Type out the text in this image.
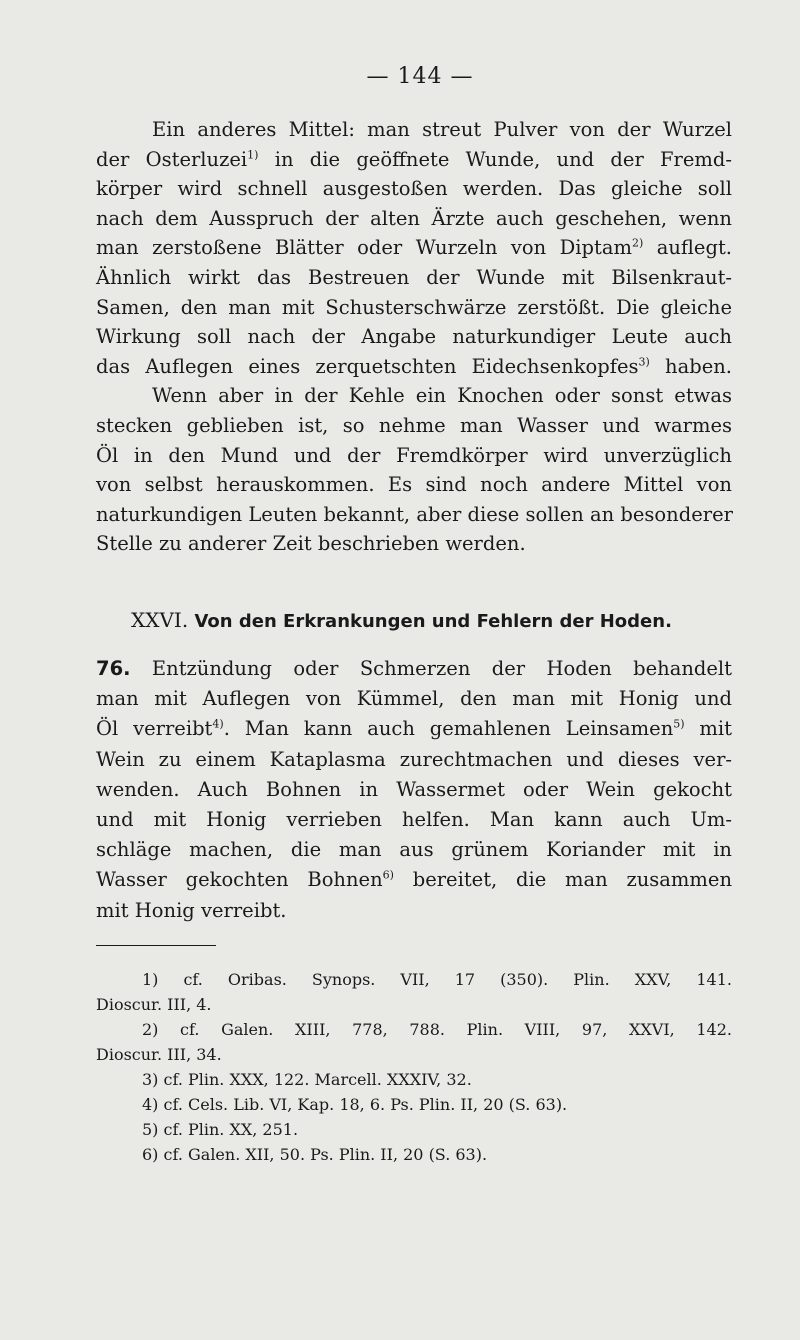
— 144 —
Ein anderes Mittel: man streut Pulver von der Wurzel
der Osterluzei$^{1)}$ in die geöffnete Wunde, und der Fremd-
körper wird schnell ausgestoßen werden. Das gleiche soll
nach dem Ausspruch der alten Ärzte auch geschehen, wenn
man zerstoßene Blätter oder Wurzeln von Diptam$^{2)}$ auflegt.
Ähnlich wirkt das Bestreuen der Wunde mit Bilsenkraut-
Samen, den man mit Schusterschwärze zerstößt. Die gleiche
Wirkung soll nach der Angabe naturkundiger Leute auch
das Auflegen eines zerquetschten Eidechsenkopfes$^{3)}$ haben.
Wenn aber in der Kehle ein Knochen oder sonst etwas
stecken geblieben ist, so nehme man Wasser und warmes
Öl in den Mund und der Fremdkörper wird unverzüglich
von selbst herauskommen. Es sind noch andere Mittel von
naturkundigen Leuten bekannt, aber diese sollen an besonderer
Stelle zu anderer Zeit beschrieben werden.
XXVI. Von den Erkrankungen und Fehlern der Hoden.
76. Entzündung oder Schmerzen der Hoden behandelt
man mit Auflegen von Kümmel, den man mit Honig und
Öl verreibt$^{4)}$. Man kann auch gemahlenen Leinsamen$^{5)}$ mit
Wein zu einem Kataplasma zurechtmachen und dieses ver-
wenden. Auch Bohnen in Wassermet oder Wein gekocht
und mit Honig verrieben helfen. Man kann auch Um-
schläge machen, die man aus grünem Koriander mit in
Wasser gekochten Bohnen$^{6)}$ bereitet, die man zusammen
mit Honig verreibt.
1) cf. Oribas. Synops. VII, 17 (350). Plin. XXV, 141.
Dioscur. III, 4.
2) cf. Galen. XIII, 778, 788. Plin. VIII, 97, XXVI, 142.
Dioscur. III, 34.
3) cf. Plin. XXX, 122. Marcell. XXXIV, 32.
4) cf. Cels. Lib. VI, Kap. 18, 6. Ps. Plin. II, 20 (S. 63).
5) cf. Plin. XX, 251.
6) cf. Galen. XII, 50. Ps. Plin. II, 20 (S. 63).
